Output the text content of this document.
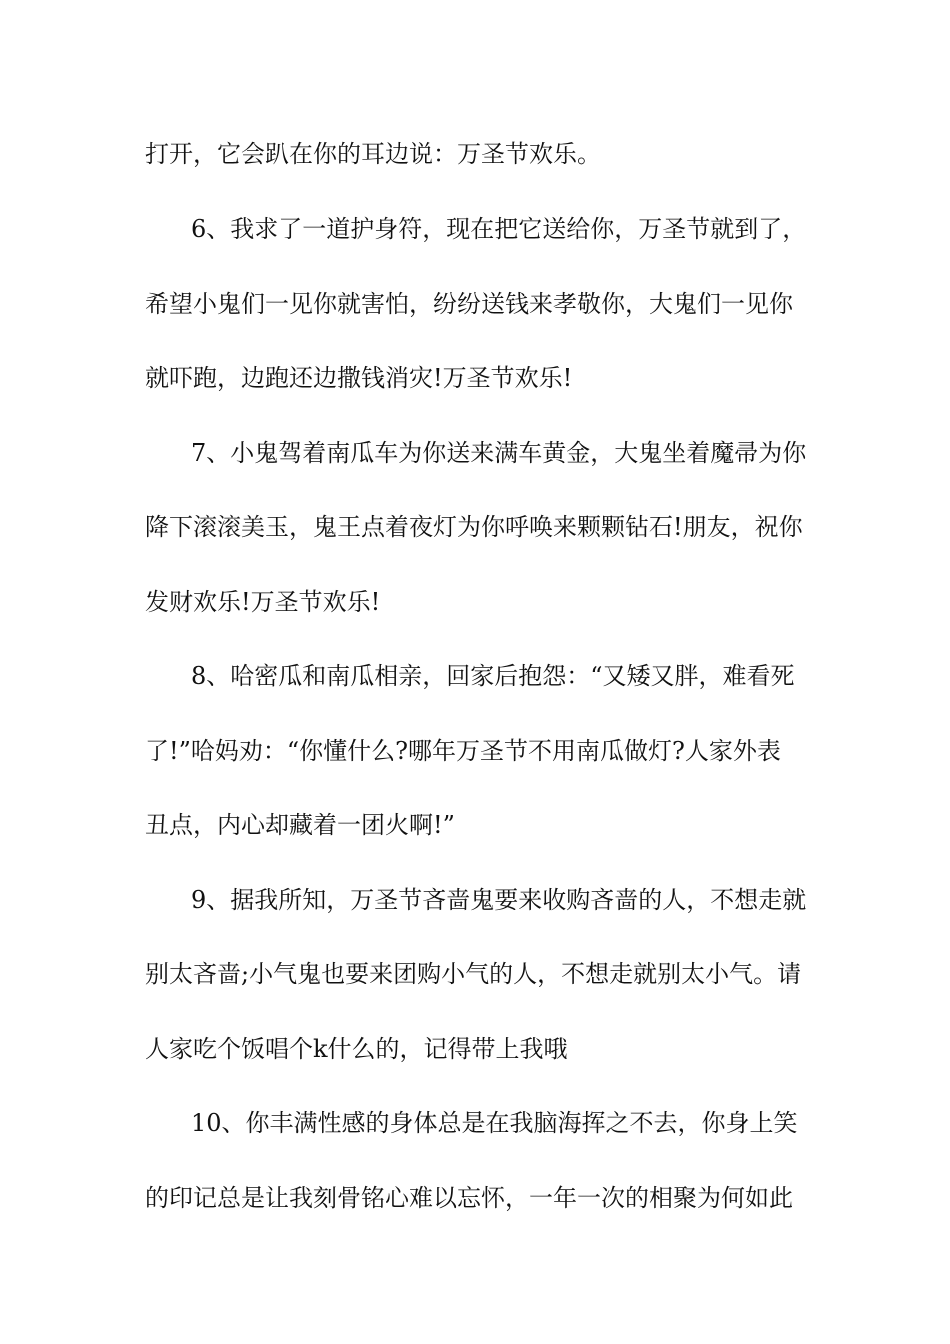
打开，它会趴在你的耳边说：万圣节欢乐。
6、我求了一道护身符，现在把它送给你，万圣节就到了，
希望小鬼们一见你就害怕，纷纷送钱来孝敬你，大鬼们一见你
就吓跑，边跑还边撒钱消灾!万圣节欢乐!
7、小鬼驾着南瓜车为你送来满车黄金，大鬼坐着魔帚为你
降下滚滚美玉，鬼王点着夜灯为你呼唤来颗颗钻石!朋友，祝你
发财欢乐!万圣节欢乐!
8、哈密瓜和南瓜相亲，回家后抱怨：“又矮又胖，难看死
了!”哈妈劝：“你懂什么?哪年万圣节不用南瓜做灯?人家外表
丑点，内心却藏着一团火啊!”
9、据我所知，万圣节吝啬鬼要来收购吝啬的人，不想走就
别太吝啬;小气鬼也要来团购小气的人，不想走就别太小气。请
人家吃个饭唱个k什么的，记得带上我哦
10、你丰满性感的身体总是在我脑海挥之不去，你身上笑
的印记总是让我刻骨铭心难以忘怀，一年一次的相聚为何如此
